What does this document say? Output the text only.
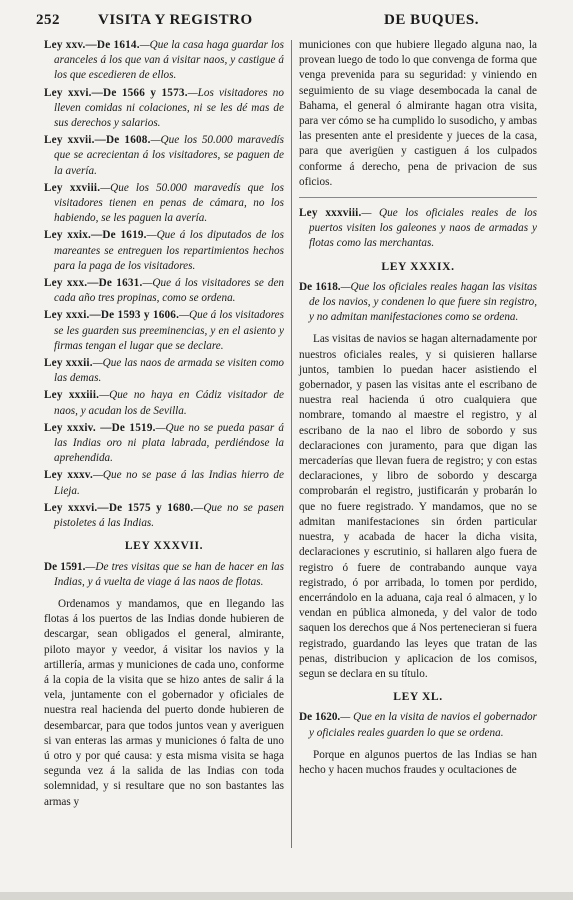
252	VISITA Y REGISTRO	DE BUQUES.
Ley xxv.—De 1614.—Que la casa haga guardar los aranceles á los que van á visitar naos, y castigue á los que escedieren de ellos.
Ley xxvi.—De 1566 y 1573.—Los visitadores no lleven comidas ni colaciones, ni se les dé mas de sus derechos y salarios.
Ley xxvii.—De 1608.—Que los 50.000 maravedís que se acrecientan á los visitadores, se paguen de la avería.
Ley xxviii.—Que los 50.000 maravedís que los visitadores tienen en penas de cámara, no los habiendo, se les paguen la avería.
Ley xxix.—De 1619.—Que á los diputados de los mareantes se entreguen los repartimientos hechos para la paga de los visitadores.
Ley xxx.—De 1631.—Que á los visitadores se den cada año tres propinas, como se ordena.
Ley xxxi.—De 1593 y 1606.—Que á los visitadores se les guarden sus preeminencias, y en el asiento y firmas tengan el lugar que se declare.
Ley xxxii.—Que las naos de armada se visiten como las demas.
Ley xxxiii.—Que no haya en Cádiz visitador de naos, y acudan los de Sevilla.
Ley xxxiv. —De 1519.—Que no se pueda pasar á las Indias oro ni plata labrada, perdiéndose la aprehendida.
Ley xxxv.—Que no se pase á las Indias hierro de Lieja.
Ley xxxvi.—De 1575 y 1680.—Que no se pasen pistoletes á las Indias.
LEY XXXVII.
De 1591.—De tres visitas que se han de hacer en las Indias, y á vuelta de viage á las naos de flotas.
Ordenamos y mandamos, que en llegando las flotas á los puertos de las Indias donde hubieren de descargar, sean obligados el general, almirante, piloto mayor y veedor, á visitar los navios y la artillería, armas y municiones de cada uno, conforme á la copia de la visita que se hizo antes de salir á la vela, juntamente con el gobernador y oficiales de nuestra real hacienda del puerto donde hubieren de desembarcar, para que todos juntos vean y averiguen si van enteras las armas y municiones ó falta de uno ú otro y por qué causa: y esta misma visita se haga segunda vez á la salida de las Indias con toda solemnidad, y si resultare que no son bastantes las armas y
municiones con que hubiere llegado alguna nao, la provean luego de todo lo que convenga de forma que venga prevenida para su seguridad: y viniendo en seguimiento de su viage desembocada la canal de Bahama, el general ó almirante hagan otra visita, para ver cómo se ha cumplido lo susodicho, y ambas las presenten ante el presidente y jueces de la casa, para que averigüen y castiguen á los culpados conforme á derecho, pena de privacion de sus oficios.
Ley xxxviii.— Que los oficiales reales de los puertos visiten los galeones y naos de armadas y flotas como las merchantas.
LEY XXXIX.
De 1618.—Que los oficiales reales hagan las visitas de los navios, y condenen lo que fuere sin registro, y no admitan manifestaciones como se ordena.
Las visitas de navios se hagan alternadamente por nuestros oficiales reales, y si quisieren hallarse juntos, tambien lo puedan hacer asistiendo el gobernador, y pasen las visitas ante el escribano de nuestra real hacienda ú otro cualquiera que nombrare, tomando al maestre el registro, y al escribano de la nao el libro de sobordo y sus declaraciones con juramento, para que digan las mercaderías que llevan fuera de registro; y con estas declaraciones, y libro de sobordo y descarga comprobarán el registro, justificarán y probarán lo que no fuere registrado. Y mandamos, que no se admitan manifestaciones sin órden particular nuestra, y acabada de hacer la dicha visita, declaraciones y escrutinio, si hallaren algo fuera de registro ó fuere de contrabando aunque vaya registrado, ó por arribada, lo tomen por perdido, encerrándolo en la aduana, caja real ó almacen, y lo vendan en pública almoneda, y del valor de todo saquen los derechos que á Nos pertenecieran si fuera registrado, guardando las leyes que tratan de las penas, distribucion y aplicacion de los comisos, segun se declara en su título.
LEY XL.
De 1620.— Que en la visita de navios el gobernador y oficiales reales guarden lo que se ordena.
Porque en algunos puertos de las Indias se han hecho y hacen muchos fraudes y ocultaciones de
